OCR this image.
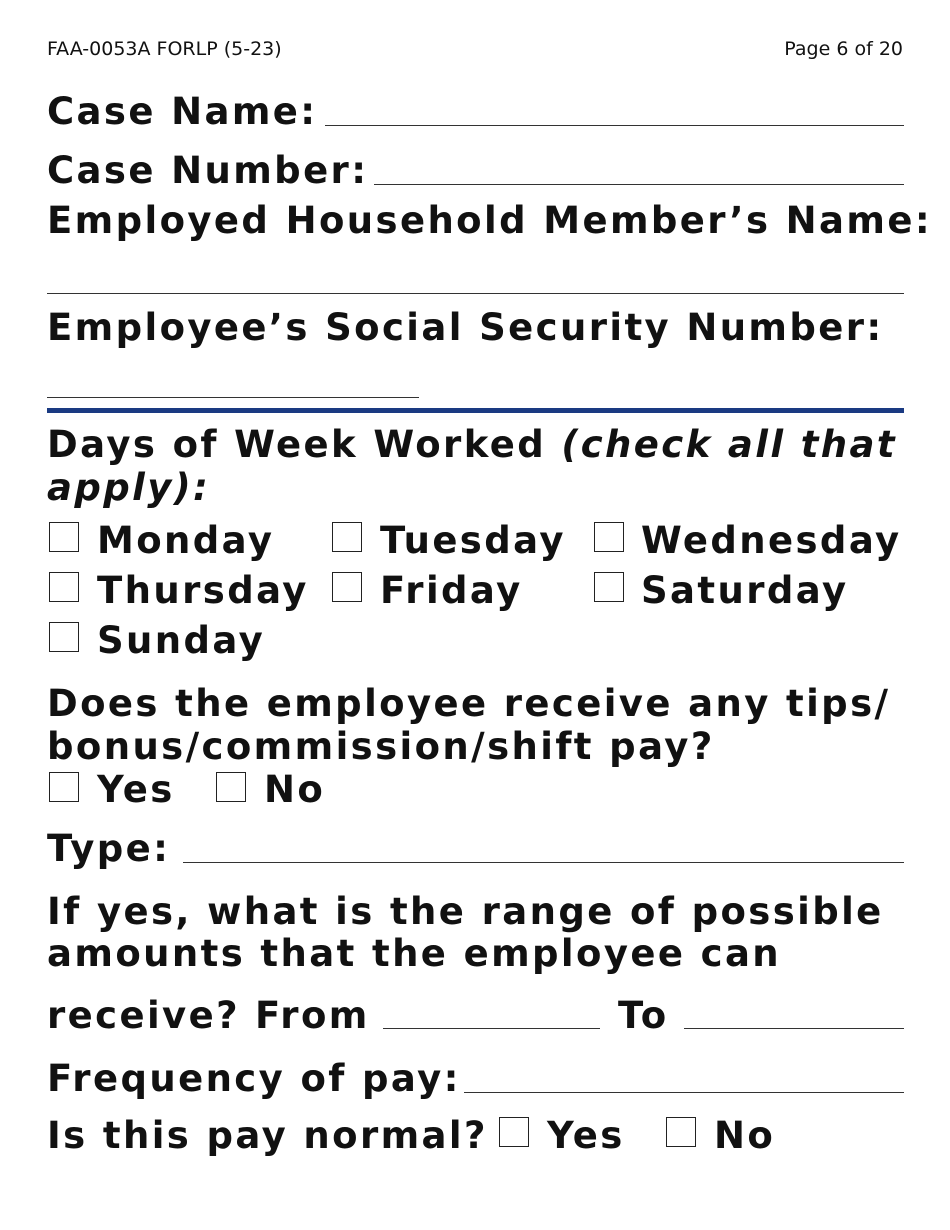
FAA-0053A FORLP (5-23)	Page 6 of 20
Case Name:
Case Number:
Employed Household Member’s Name:
Employee’s Social Security Number:
Days of Week Worked (check all that
apply):
Monday	Tuesday Wednesday
Thursday Friday	Saturday
Sunday
Does the employee receive any tips/
bonus/commission/shift pay?
Yes No
Type:
If yes, what is the range of possible
amounts that the employee can
receive? From	To
Frequency of pay:
Is this pay normal? Yes No
